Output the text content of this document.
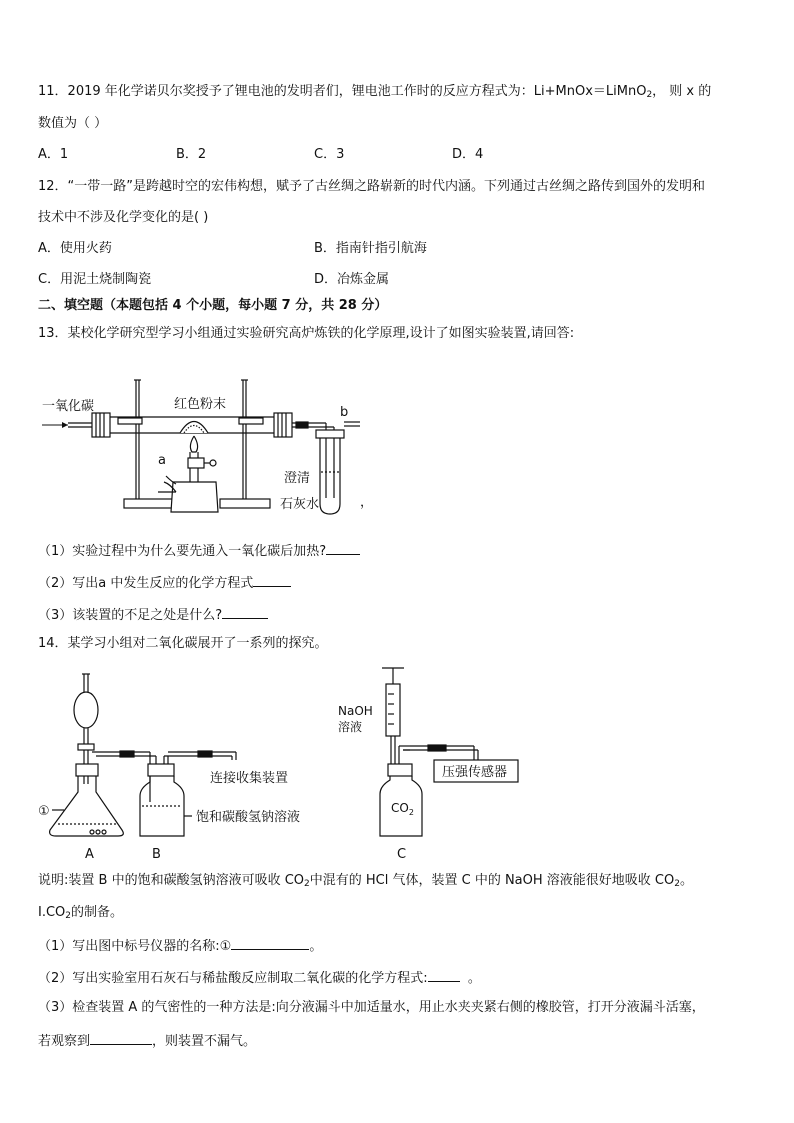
11．2019 年化学诺贝尔奖授予了锂电池的发明者们，锂电池工作时的反应方程式为：Li+MnOx＝LiMnO$_2$， 则 x 的
数值为（ ）
A．1	B．2	C．3	D．4
12．“一带一路”是跨越时空的宏伟构想，赋予了古丝绸之路崭新的时代内涵。下列通过古丝绸之路传到国外的发明和
技术中不涉及化学变化的是( )
A．使用火药	B．指南针指引航海
C．用泥土烧制陶瓷	D．冶炼金属
二、填空题（本题包括 4 个小题，每小题 7 分，共 28 分）
13．某校化学研究型学习小组通过实验研究高炉炼铁的化学原理,设计了如图实验装置,请回答:
一氧化碳	红色粉末
a
b
澄清
石灰水	，
（1）实验过程中为什么要先通入一氧化碳后加热?
（2）写出a 中发生反应的化学方程式
（3）该装置的不足之处是什么?
14．某学习小组对二氧化碳展开了一系列的探究。
①
连接收集装置
饱和碳酸氢钠溶液
NaOH
溶液
压强传感器
$CO_2$
A	B	C
说明:装置 B 中的饱和碳酸氢钠溶液可吸收 $CO_2$中混有的 HCl 气体，装置 C 中的 NaOH 溶液能很好地吸收 $CO_2$。
$I.CO_2$的制备。
（1）写出图中标号仪器的名称:①	。
（2）写出实验室用石灰石与稀盐酸反应制取二氧化碳的化学方程式:	。
（3）检查装置 A 的气密性的一种方法是:向分液漏斗中加适量水，用止水夹夹紧右侧的橡胶管，打开分液漏斗活塞，
若观察到	，则装置不漏气。
